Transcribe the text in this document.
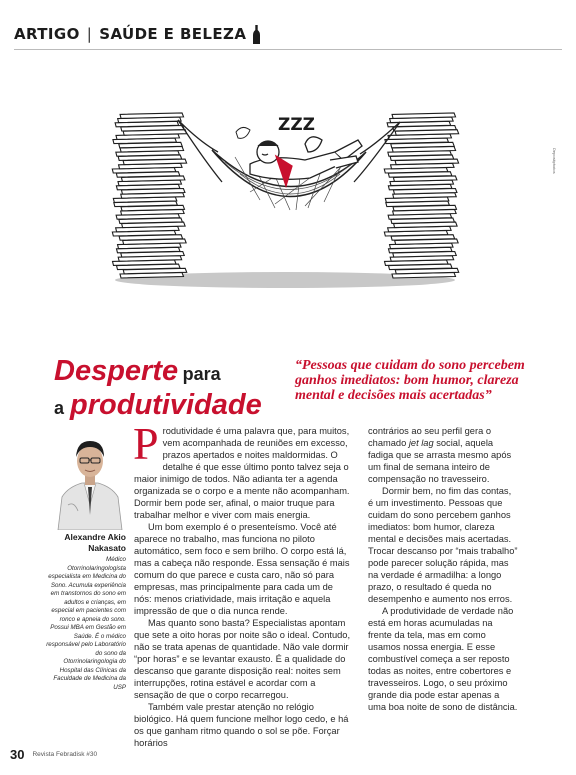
ARTIGO | SAÚDE E BELEZA
Depositphotos
ZZZ
Desperte para
a produtividade
“Pessoas que cuidam do sono percebem ganhos imediatos: bom humor, clareza mental e decisões mais acertadas”
Alexandre Akio Nakasato
Médico Otorrinolaringologista especialista em Medicina do Sono. Acumula experiência em transtornos do sono em adultos e crianças, em especial em pacientes com ronco e apneia do sono. Possui MBA em Gestão em Saúde. É o médico responsável pelo Laboratório do sono da Otorrinolaringologia do Hospital das Clínicas da Faculdade de Medicina da USP

Produtividade é uma palavra que, para muitos, vem acompanhada de reuniões em excesso, prazos apertados e noites maldormidas. O detalhe é que esse último ponto talvez seja o maior inimigo de todos. Não adianta ter a agenda organizada se o corpo e a mente não acompanham. Dormir bem pode ser, afinal, o maior truque para trabalhar melhor e viver com mais energia.

Um bom exemplo é o presenteísmo. Você até aparece no trabalho, mas funciona no piloto automático, sem foco e sem brilho. O corpo está lá, mas a cabeça não responde. Essa sensação é mais comum do que parece e custa caro, não só para empresas, mas principalmente para cada um de nós: menos criatividade, mais irritação e aquela impressão de que o dia nunca rende.

Mas quanto sono basta? Especialistas apontam que sete a oito horas por noite são o ideal. Contudo, não se trata apenas de quantidade. Não vale dormir “por horas” e se levantar exausto. É a qualidade do descanso que garante disposição real: noites sem interrupções, rotina estável e acordar com a sensação de que o corpo recarregou.

Também vale prestar atenção no relógio biológico. Há quem funcione melhor logo cedo, e há os que ganham ritmo quando o sol se põe. Forçar horários

contrários ao seu perfil gera o chamado jet lag social, aquela fadiga que se arrasta mesmo após um final de semana inteiro de compensação no travesseiro.

Dormir bem, no fim das contas, é um investimento. Pessoas que cuidam do sono percebem ganhos imediatos: bom humor, clareza mental e decisões mais acertadas. Trocar descanso por “mais trabalho” pode parecer solução rápida, mas na verdade é armadilha: a longo prazo, o resultado é queda no desempenho e aumento nos erros.

A produtividade de verdade não está em horas acumuladas na frente da tela, mas em como usamos nossa energia. E esse combustível começa a ser reposto todas as noites, entre cobertores e travesseiros. Logo, o seu próximo grande dia pode estar apenas a uma boa noite de sono de distância.

30 Revista Febradisk #30
